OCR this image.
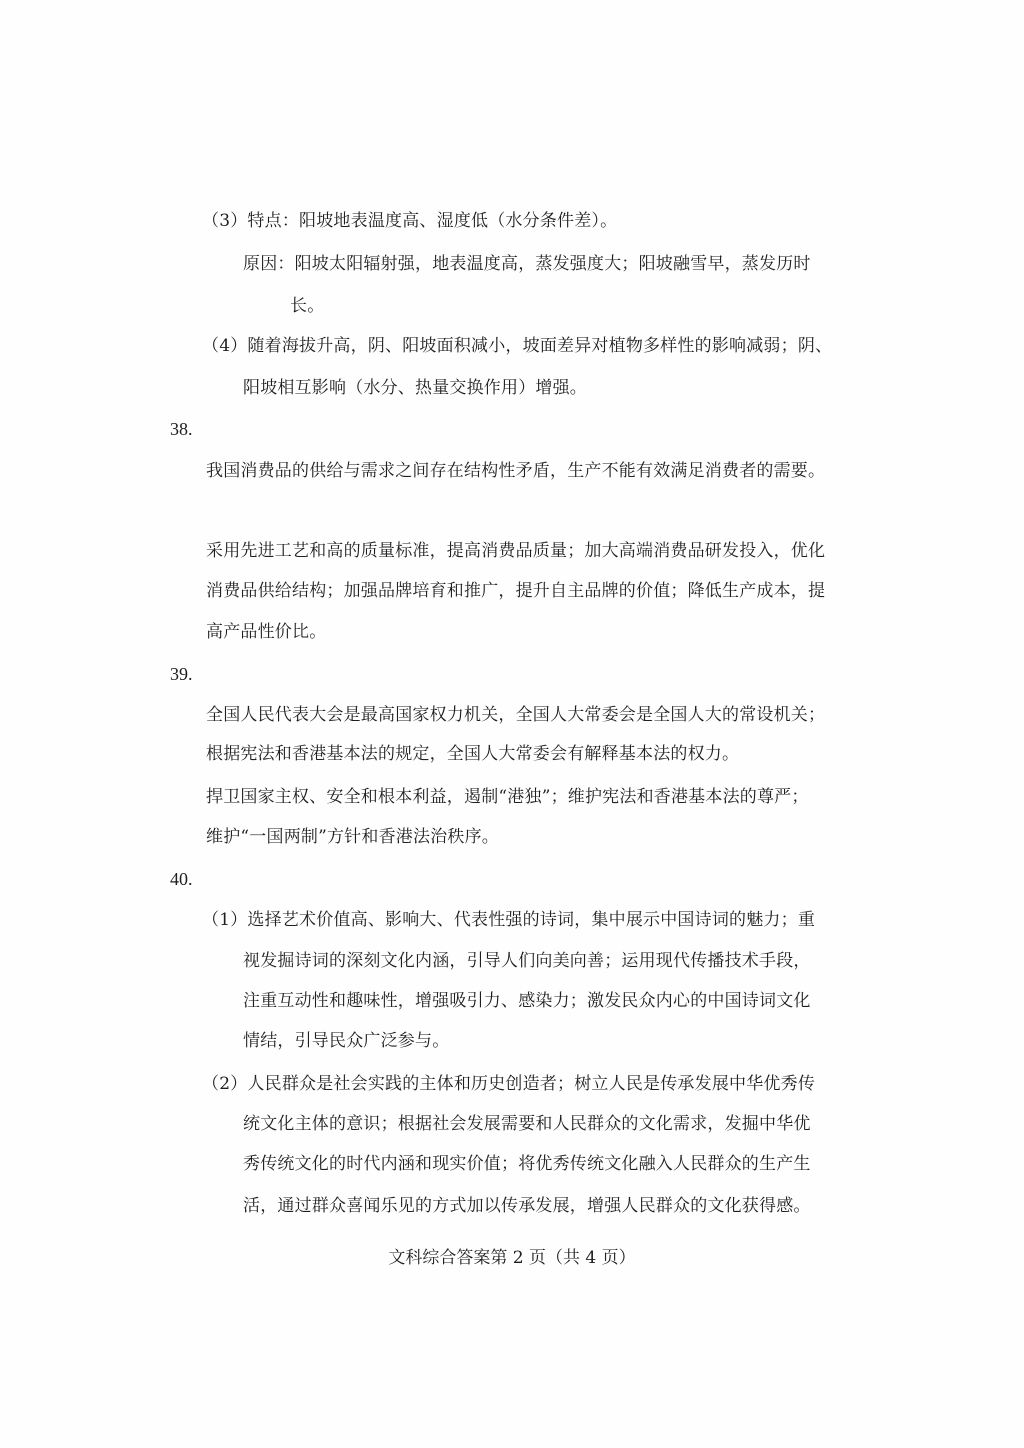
（3）特点：阳坡地表温度高、湿度低（水分条件差）。
原因：阳坡太阳辐射强，地表温度高，蒸发强度大；阳坡融雪早，蒸发历时
长。
（4）随着海拔升高，阴、阳坡面积减小，坡面差异对植物多样性的影响减弱；阴、
阳坡相互影响（水分、热量交换作用）增强。
38.
我国消费品的供给与需求之间存在结构性矛盾，生产不能有效满足消费者的需要。
采用先进工艺和高的质量标准，提高消费品质量；加大高端消费品研发投入，优化
消费品供给结构；加强品牌培育和推广，提升自主品牌的价值；降低生产成本，提
高产品性价比。
39.
全国人民代表大会是最高国家权力机关，全国人大常委会是全国人大的常设机关；
根据宪法和香港基本法的规定，全国人大常委会有解释基本法的权力。
捍卫国家主权、安全和根本利益，遏制“港独”；维护宪法和香港基本法的尊严；
维护“一国两制”方针和香港法治秩序。
40.
（1）选择艺术价值高、影响大、代表性强的诗词，集中展示中国诗词的魅力；重
视发掘诗词的深刻文化内涵，引导人们向美向善；运用现代传播技术手段，
注重互动性和趣味性，增强吸引力、感染力；激发民众内心的中国诗词文化
情结，引导民众广泛参与。
（2）人民群众是社会实践的主体和历史创造者；树立人民是传承发展中华优秀传
统文化主体的意识；根据社会发展需要和人民群众的文化需求，发掘中华优
秀传统文化的时代内涵和现实价值；将优秀传统文化融入人民群众的生产生
活，通过群众喜闻乐见的方式加以传承发展，增强人民群众的文化获得感。
文科综合答案第 2 页（共 4 页）
